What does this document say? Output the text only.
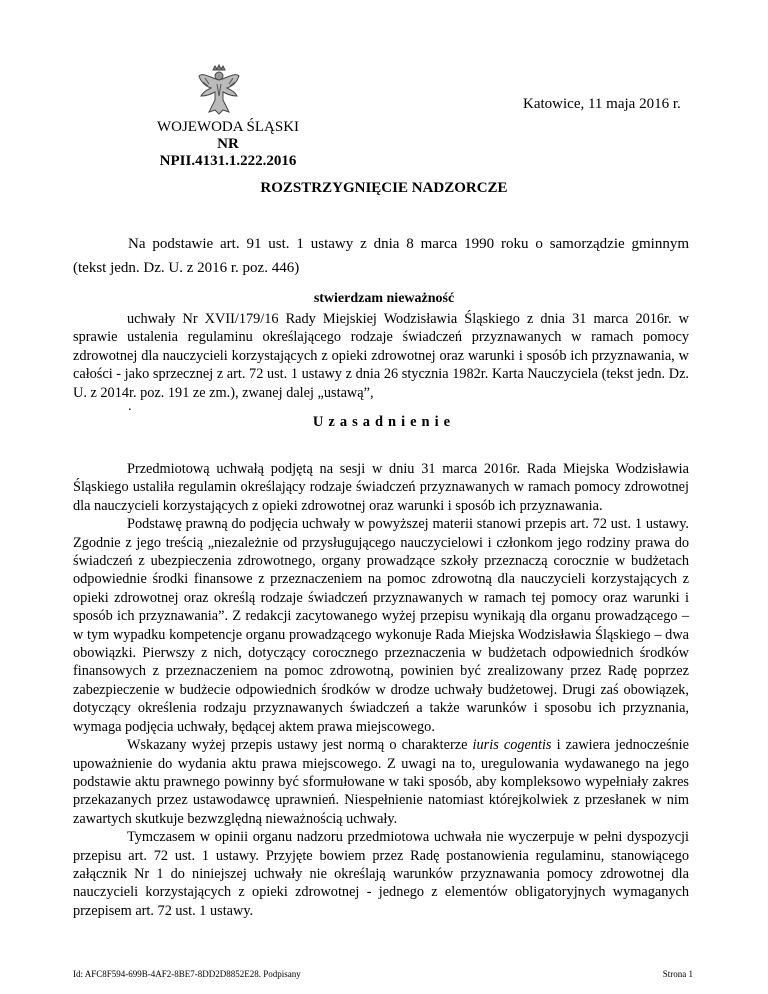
WOJEWODA ŚLĄSKI
NR NPII.4131.1.222.2016
Katowice, 11 maja 2016 r.
ROZSTRZYGNIĘCIE NADZORCZE
Na podstawie art. 91 ust. 1 ustawy z dnia 8 marca 1990 roku o samorządzie gminnym
(tekst jedn. Dz. U. z 2016 r. poz. 446)
stwierdzam nieważność
uchwały Nr XVII/179/16 Rady Miejskiej Wodzisławia Śląskiego z dnia 31 marca 2016r. w sprawie ustalenia regulaminu określającego rodzaje świadczeń przyznawanych w ramach pomocy zdrowotnej dla nauczycieli korzystających z opieki zdrowotnej oraz warunki i sposób ich przyznawania, w całości - jako sprzecznej z art. 72 ust. 1 ustawy z dnia 26 stycznia 1982r. Karta Nauczyciela (tekst jedn. Dz. U. z 2014r. poz. 191 ze zm.), zwanej dalej „ustawą”,
.
Uzasadnienie

Przedmiotową uchwałą podjętą na sesji w dniu 31 marca 2016r. Rada Miejska Wodzisławia Śląskiego ustaliła regulamin określający rodzaje świadczeń przyznawanych w ramach pomocy zdrowotnej dla nauczycieli korzystających z opieki zdrowotnej oraz warunki i sposób ich przyznawania.

Podstawę prawną do podjęcia uchwały w powyższej materii stanowi przepis art. 72 ust. 1 ustawy. Zgodnie z jego treścią „niezależnie od przysługującego nauczycielowi i członkom jego rodziny prawa do świadczeń z ubezpieczenia zdrowotnego, organy prowadzące szkoły przeznaczą corocznie w budżetach odpowiednie środki finansowe z przeznaczeniem na pomoc zdrowotną dla nauczycieli korzystających z opieki zdrowotnej oraz określą rodzaje świadczeń przyznawanych w ramach tej pomocy oraz warunki i sposób ich przyznawania”. Z redakcji zacytowanego wyżej przepisu wynikają dla organu prowadzącego – w tym wypadku kompetencje organu prowadzącego wykonuje Rada Miejska Wodzisławia Śląskiego – dwa obowiązki. Pierwszy z nich, dotyczący corocznego przeznaczenia w budżetach odpowiednich środków finansowych z przeznaczeniem na pomoc zdrowotną, powinien być zrealizowany przez Radę poprzez zabezpieczenie w budżecie odpowiednich środków w drodze uchwały budżetowej. Drugi zaś obowiązek, dotyczący określenia rodzaju przyznawanych świadczeń a także warunków i sposobu ich przyznania, wymaga podjęcia uchwały, będącej aktem prawa miejscowego.

Wskazany wyżej przepis ustawy jest normą o charakterze iuris cogentis i zawiera jednocześnie upoważnienie do wydania aktu prawa miejscowego. Z uwagi na to, uregulowania wydawanego na jego podstawie aktu prawnego powinny być sformułowane w taki sposób, aby kompleksowo wypełniały zakres przekazanych przez ustawodawcę uprawnień. Niespełnienie natomiast którejkolwiek z przesłanek w nim zawartych skutkuje bezwzględną nieważnością uchwały.

Tymczasem w opinii organu nadzoru przedmiotowa uchwała nie wyczerpuje w pełni dyspozycji przepisu art. 72 ust. 1 ustawy. Przyjęte bowiem przez Radę postanowienia regulaminu, stanowiącego załącznik Nr 1 do niniejszej uchwały nie określają warunków przyznawania pomocy zdrowotnej dla nauczycieli korzystających z opieki zdrowotnej - jednego z elementów obligatoryjnych wymaganych przepisem art. 72 ust. 1 ustawy.

Id: AFC8F594-699B-4AF2-8BE7-8DD2D8852E28. Podpisany	Strona 1
